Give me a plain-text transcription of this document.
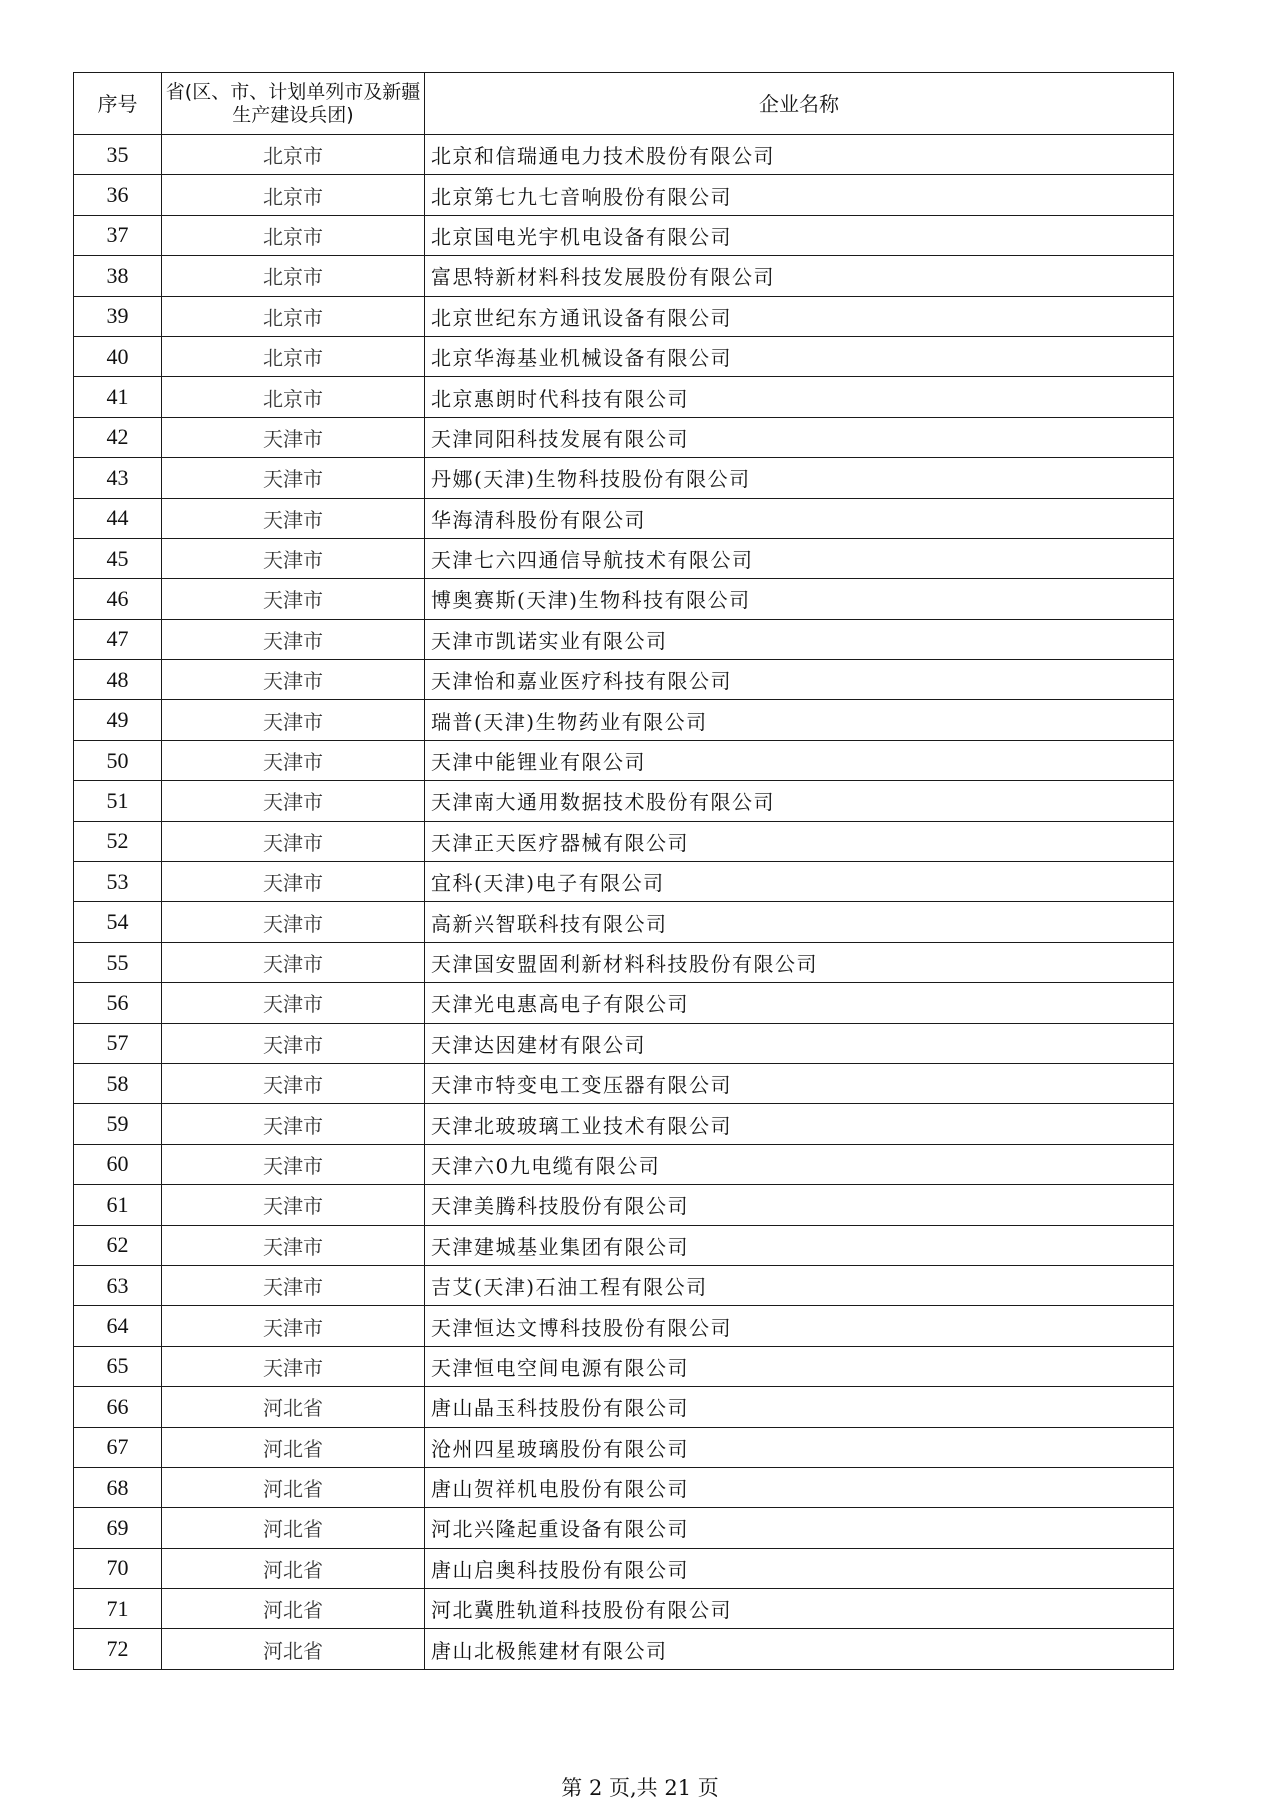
序号	省(区、市、计划单列市及新疆生产建设兵团)	企业名称
35	北京市	北京和信瑞通电力技术股份有限公司
36	北京市	北京第七九七音响股份有限公司
37	北京市	北京国电光宇机电设备有限公司
38	北京市	富思特新材料科技发展股份有限公司
39	北京市	北京世纪东方通讯设备有限公司
40	北京市	北京华海基业机械设备有限公司
41	北京市	北京惠朗时代科技有限公司
42	天津市	天津同阳科技发展有限公司
43	天津市	丹娜(天津)生物科技股份有限公司
44	天津市	华海清科股份有限公司
45	天津市	天津七六四通信导航技术有限公司
46	天津市	博奥赛斯(天津)生物科技有限公司
47	天津市	天津市凯诺实业有限公司
48	天津市	天津怡和嘉业医疗科技有限公司
49	天津市	瑞普(天津)生物药业有限公司
50	天津市	天津中能锂业有限公司
51	天津市	天津南大通用数据技术股份有限公司
52	天津市	天津正天医疗器械有限公司
53	天津市	宜科(天津)电子有限公司
54	天津市	高新兴智联科技有限公司
55	天津市	天津国安盟固利新材料科技股份有限公司
56	天津市	天津光电惠高电子有限公司
57	天津市	天津达因建材有限公司
58	天津市	天津市特变电工变压器有限公司
59	天津市	天津北玻玻璃工业技术有限公司
60	天津市	天津六0九电缆有限公司
61	天津市	天津美腾科技股份有限公司
62	天津市	天津建城基业集团有限公司
63	天津市	吉艾(天津)石油工程有限公司
64	天津市	天津恒达文博科技股份有限公司
65	天津市	天津恒电空间电源有限公司
66	河北省	唐山晶玉科技股份有限公司
67	河北省	沧州四星玻璃股份有限公司
68	河北省	唐山贺祥机电股份有限公司
69	河北省	河北兴隆起重设备有限公司
70	河北省	唐山启奥科技股份有限公司
71	河北省	河北冀胜轨道科技股份有限公司
72	河北省	唐山北极熊建材有限公司
第 2 页,共 21 页
